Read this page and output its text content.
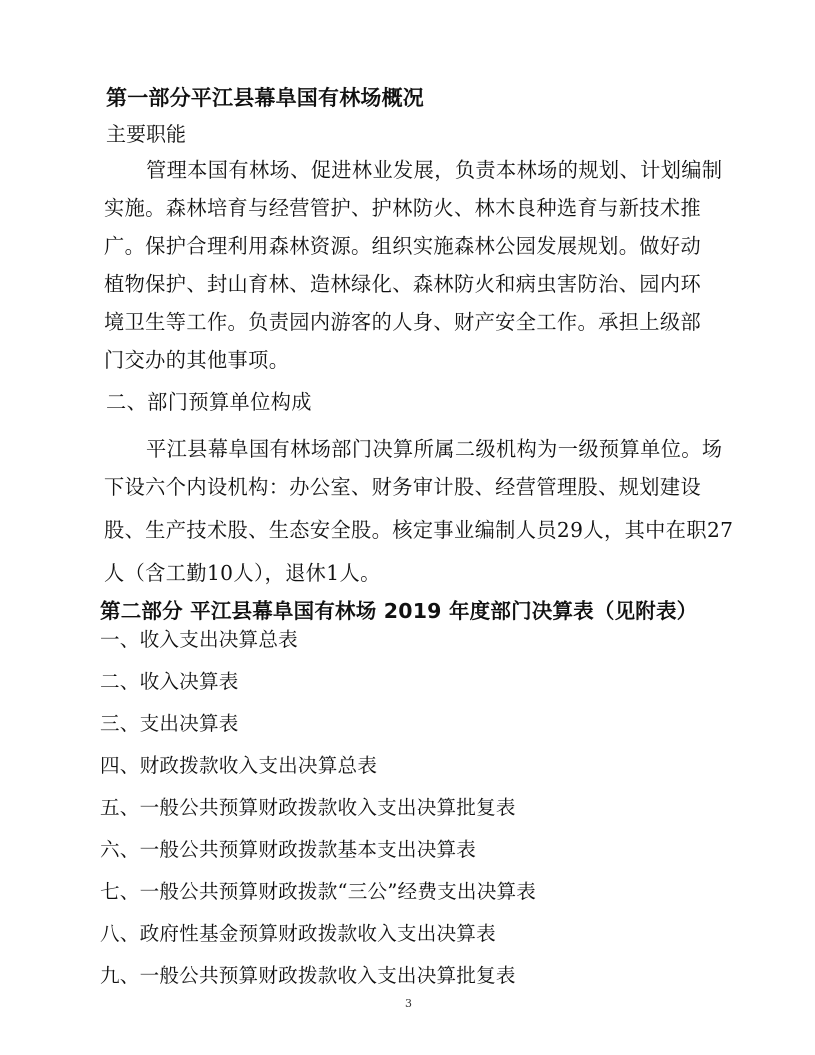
第一部分平江县幕阜国有林场概况
主要职能
管理本国有林场、促进林业发展，负责本林场的规划、计划编制
实施。森林培育与经营管护、护林防火、林木良种选育与新技术推
广。保护合理利用森林资源。组织实施森林公园发展规划。做好动
植物保护、封山育林、造林绿化、森林防火和病虫害防治、园内环
境卫生等工作。负责园内游客的人身、财产安全工作。承担上级部
门交办的其他事项。
二、部门预算单位构成
平江县幕阜国有林场部门决算所属二级机构为一级预算单位。场
下设六个内设机构：办公室、财务审计股、经营管理股、规划建设
股、生产技术股、生态安全股。核定事业编制人员29人，其中在职27
人（含工勤10人），退休1人。
第二部分 平江县幕阜国有林场 2019 年度部门决算表（见附表）
一、收入支出决算总表
二、收入决算表
三、支出决算表
四、财政拨款收入支出决算总表
五、一般公共预算财政拨款收入支出决算批复表
六、一般公共预算财政拨款基本支出决算表
七、一般公共预算财政拨款“三公”经费支出决算表
八、政府性基金预算财政拨款收入支出决算表
九、一般公共预算财政拨款收入支出决算批复表
3
